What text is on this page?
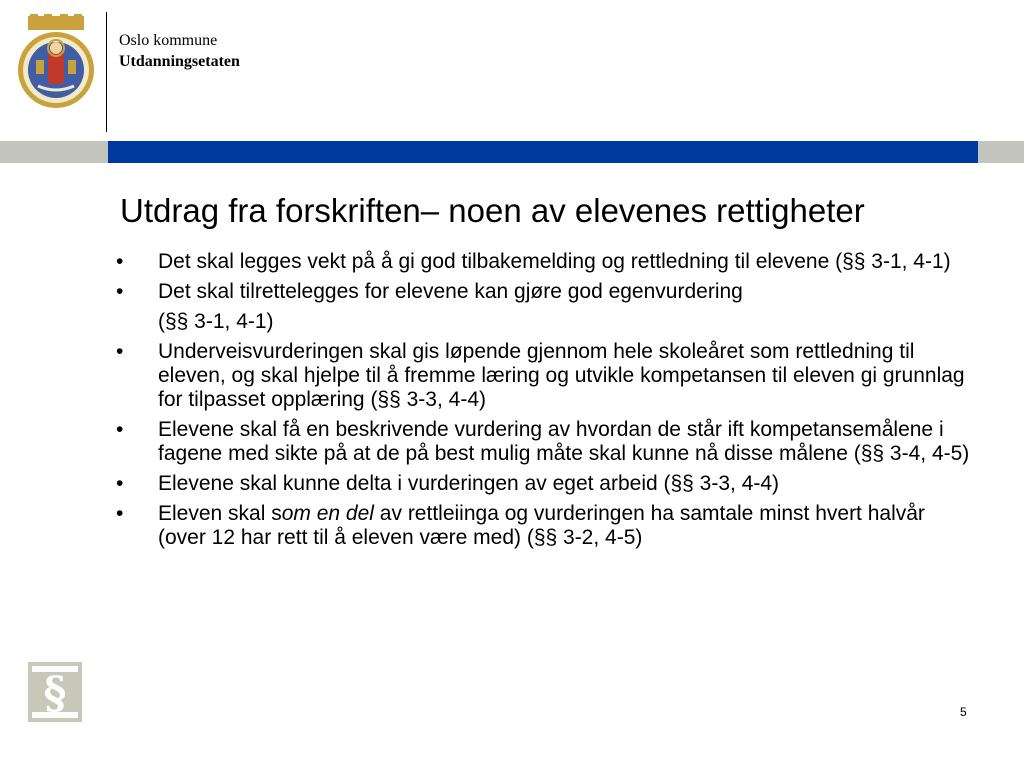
Oslo kommune
Utdanningsetaten
Utdrag fra forskriften– noen av elevenes rettigheter
•	Det skal legges vekt på å gi god tilbakemelding og rettledning til elevene (§§ 3-1, 4-1)
•	Det skal tilrettelegges for elevene kan gjøre god egenvurdering
(§§ 3-1, 4-1)
•	Underveisvurderingen skal gis løpende gjennom hele skoleåret som rettledning til eleven, og skal hjelpe til å fremme læring og utvikle kompetansen til eleven gi grunnlag for tilpasset opplæring (§§ 3-3, 4-4)
•	Elevene skal få en beskrivende vurdering av hvordan de står ift kompetansemålene i fagene med sikte på at de på best mulig måte skal kunne nå disse målene (§§ 3-4, 4-5)
•	Elevene skal kunne delta i vurderingen av eget arbeid (§§ 3-3, 4-4)
•	Eleven skal som en del av rettleiinga og vurderingen ha samtale minst hvert halvår (over 12 har rett til å eleven være med) (§§ 3-2, 4-5)
§	5
